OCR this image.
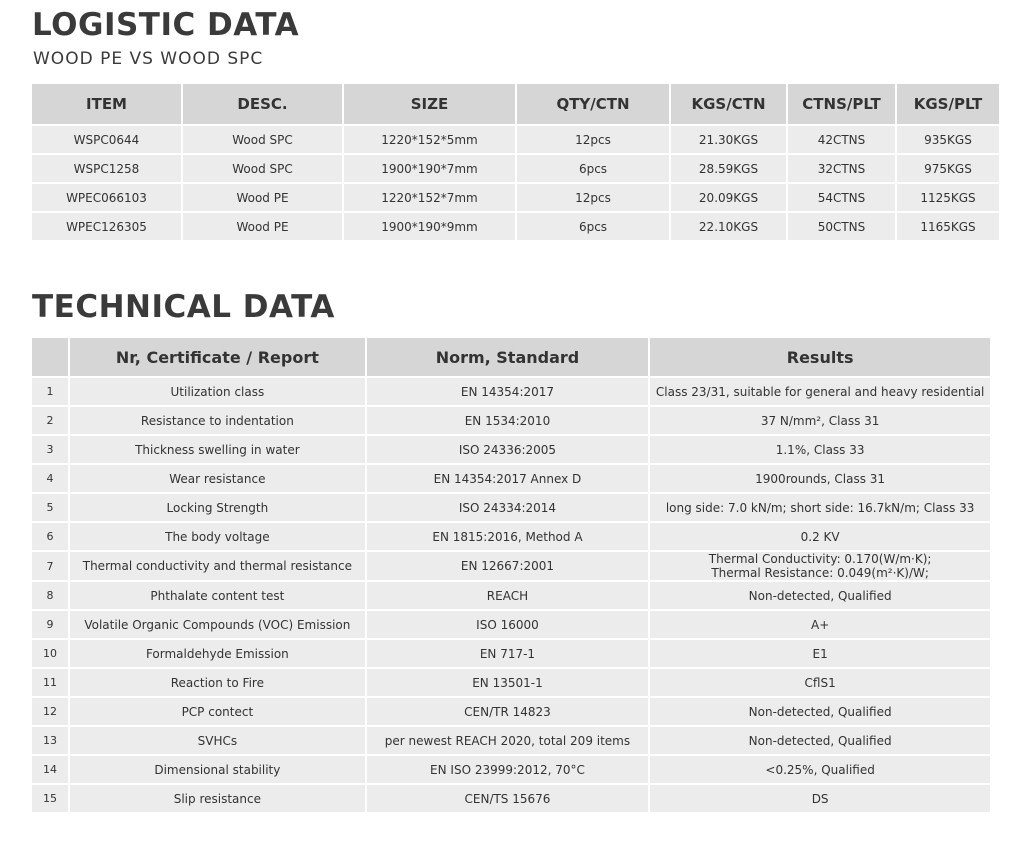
LOGISTIC DATA

WOOD PE VS WOOD SPC

ITEM	DESC.	SIZE	QTY/CTN	KGS/CTN	CTNS/PLT	KGS/PLT
WSPC0644	Wood SPC	1220*152*5mm	12pcs	21.30KGS	42CTNS	935KGS
WSPC1258	Wood SPC	1900*190*7mm	6pcs	28.59KGS	32CTNS	975KGS
WPEC066103	Wood PE	1220*152*7mm	12pcs	20.09KGS	54CTNS	1125KGS
WPEC126305	Wood PE	1900*190*9mm	6pcs	22.10KGS	50CTNS	1165KGS
TECHNICAL DATA
	Nr, Certificate / Report	Norm, Standard	Results
1	Utilization class	EN 14354:2017	Class 23/31, suitable for general and heavy residential
2	Resistance to indentation	EN 1534:2010	37 N/mm², Class 31
3	Thickness swelling in water	ISO 24336:2005	1.1%, Class 33
4	Wear resistance	EN 14354:2017 Annex D	1900rounds, Class 31
5	Locking Strength	ISO 24334:2014	long side: 7.0 kN/m; short side: 16.7kN/m; Class 33
6	The body voltage	EN 1815:2016, Method A	0.2 KV
7	Thermal conductivity and thermal resistance	EN 12667:2001	Thermal Conductivity: 0.170(W/m·K);
Thermal Resistance: 0.049(m²·K)/W;

8	Phthalate content test	REACH	Non-detected, Qualified
9	Volatile Organic Compounds (VOC) Emission	ISO 16000	A+
10	Formaldehyde Emission	EN 717-1	E1
11	Reaction to Fire	EN 13501-1	CflS1
12	PCP contect	CEN/TR 14823	Non-detected, Qualified
13	SVHCs	per newest REACH 2020, total 209 items	Non-detected, Qualified
14	Dimensional stability	EN ISO 23999:2012, 70°C	<0.25%, Qualified
15	Slip resistance	CEN/TS 15676	DS
